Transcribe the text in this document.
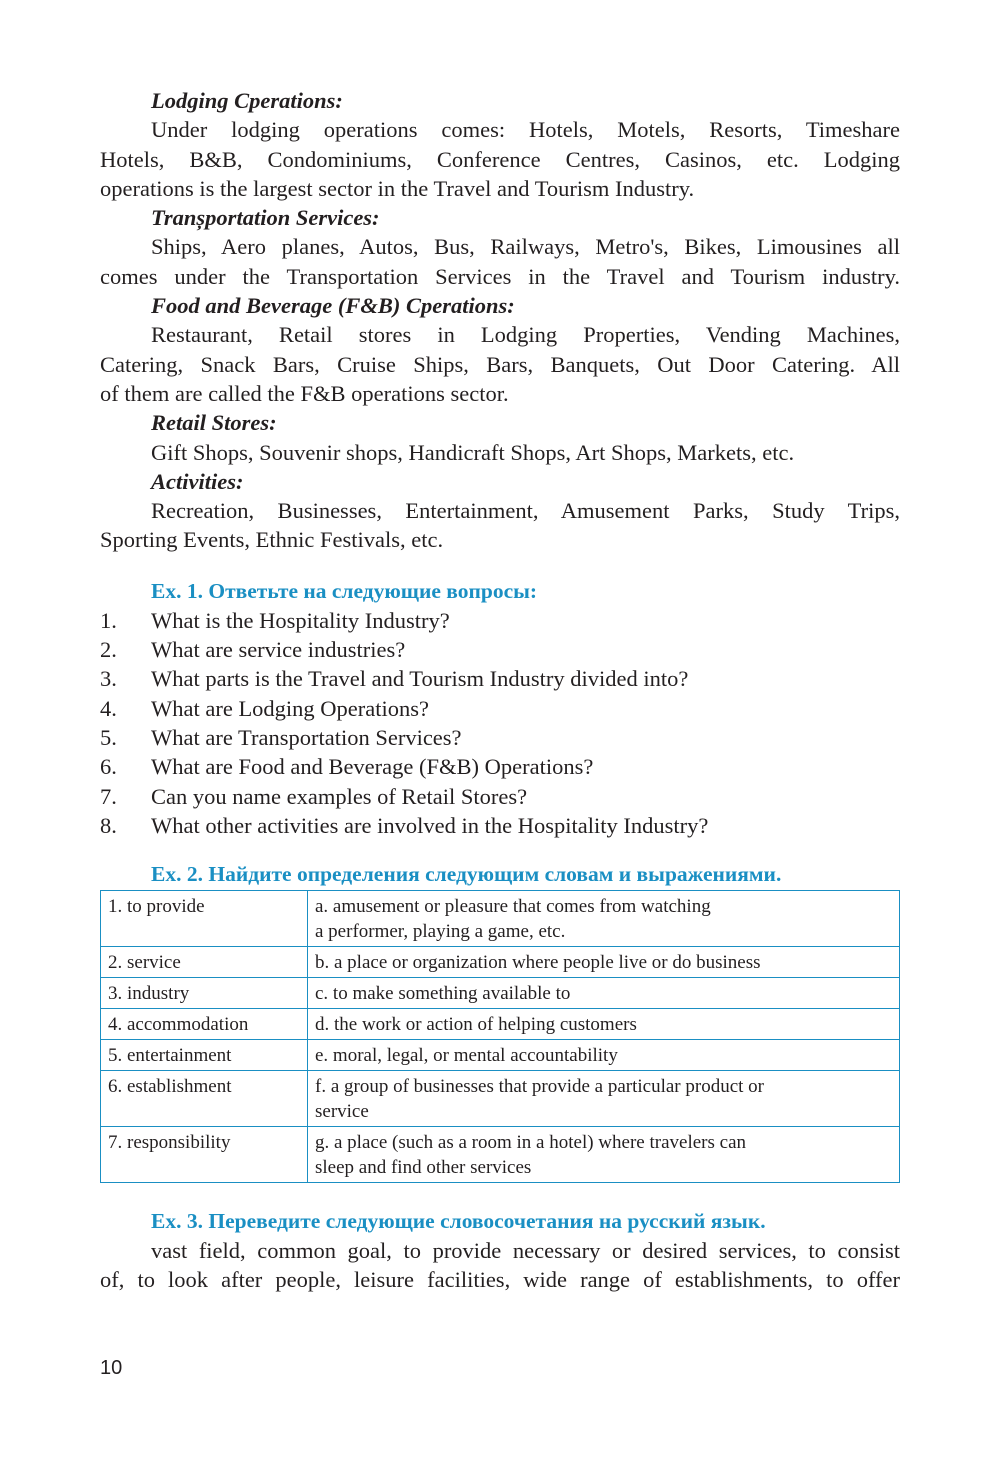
Lodging Cperations:

Under lodging operations comes: Hotels, Motels, Resorts, Timeshare

Hotels, B&B, Condominiums, Conference Centres, Casinos, etc. Lodging

operations is the largest sector in the Travel and Tourism Industry.

Tranșportation Services:

Ships, Aero planes, Autos, Bus, Railways, Metro's, Bikes, Limousines all

comes under the Transportation Services in the Travel and Tourism industry.

Food and Beverage (F&B) Cperations:

Restaurant, Retail stores in Lodging Properties, Vending Machines,

Catering, Snack Bars, Cruise Ships, Bars, Banquets, Out Door Catering. All

of them are called the F&B operations sector.

Retail Stores:

Gift Shops, Souvenir shops, Handicraft Shops, Art Shops, Markets, etc.

Activities:

Recreation, Businesses, Entertainment, Amusement Parks, Study Trips,

Sporting Events, Ethnic Festivals, etc.

Ex. 1. Ответьте на следующие вопросы:

1.	What is the Hospitality Industry?
2.	What are service industries?
3.	What parts is the Travel and Tourism Industry divided into?
4.	What are Lodging Operations?
5.	What are Transportation Services?
6.	What are Food and Beverage (F&B) Operations?
7.	Can you name examples of Retail Stores?
8.	What other activities are involved in the Hospitality Industry?

Ex. 2. Найдите определения следующим словам и выражениями.

1. to provide	a. amusement or pleasure that comes from watching
a performer, playing a game, etc.

2. service	b. a place or organization where people live or do business

3. industry	c. to make something available to

4. accommodation	d. the work or action of helping customers

5. entertainment	e. moral, legal, or mental accountability

6. establishment	f. a group of businesses that provide a particular product or
service

7. responsibility	g. a place (such as a room in a hotel) where travelers can
sleep and find other services

Ex. 3. Переведите следующие словосочетания на русский язык.

vast field, common goal, to provide necessary or desired services, to consist

of, to look after people, leisure facilities, wide range of establishments, to offer

10
